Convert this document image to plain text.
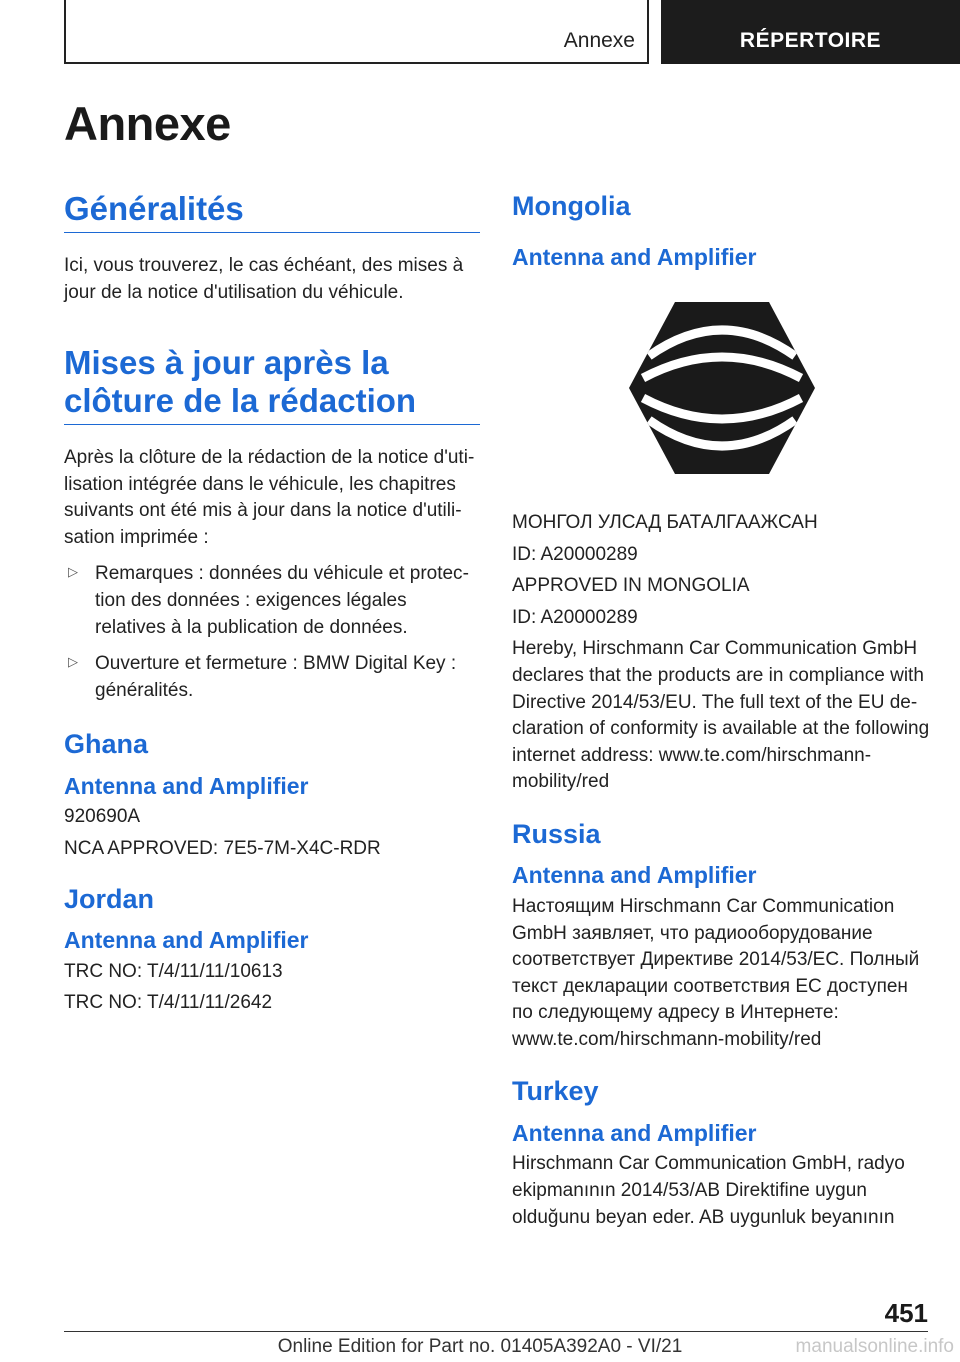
Annexe	RÉPERTOIRE
Annexe
Généralités

Ici, vous trouverez, le cas échéant, des mises à jour de la notice d'utilisation du véhicule.

Mises à jour après la clôture de la rédaction

Après la clôture de la rédaction de la notice d'utilisation intégrée dans le véhicule, les chapitres suivants ont été mis à jour dans la notice d'utilisation imprimée :

▷ Remarques : données du véhicule et protection des données : exigences légales relatives à la publication de données.
▷ Ouverture et fermeture : BMW Digital Key : généralités.
Ghana
Antenna and Amplifier

920690A

NCA APPROVED: 7E5-7M-X4C-RDR

Jordan
Antenna and Amplifier

TRC NO: T/4/11/11/10613

TRC NO: T/4/11/11/2642

Mongolia
Antenna and Amplifier

МОНГОЛ УЛСАД БАТАЛГААЖСАН

ID: A20000289

APPROVED IN MONGOLIA

ID: A20000289

Hereby, Hirschmann Car Communication GmbH declares that the products are in compliance with Directive 2014/53/EU. The full text of the EU declaration of conformity is available at the following internet address: www.te.com/hirschmann-mobility/red

Russia
Antenna and Amplifier

Настоящим Hirschmann Car Communication GmbH заявляет, что радиооборудование соответствует Директиве 2014/53/ЕС. Полный текст декларации соответствия ЕС доступен по следующему адресу в Интернете: www.te.com/hirschmann-mobility/red

Turkey
Antenna and Amplifier

Hirschmann Car Communication GmbH, radyo ekipmanının 2014/53/AB Direktifine uygun olduğunu beyan eder. AB uygunluk beyanının

451
Online Edition for Part no. 01405A392A0 - VI/21	manualsonline.info
